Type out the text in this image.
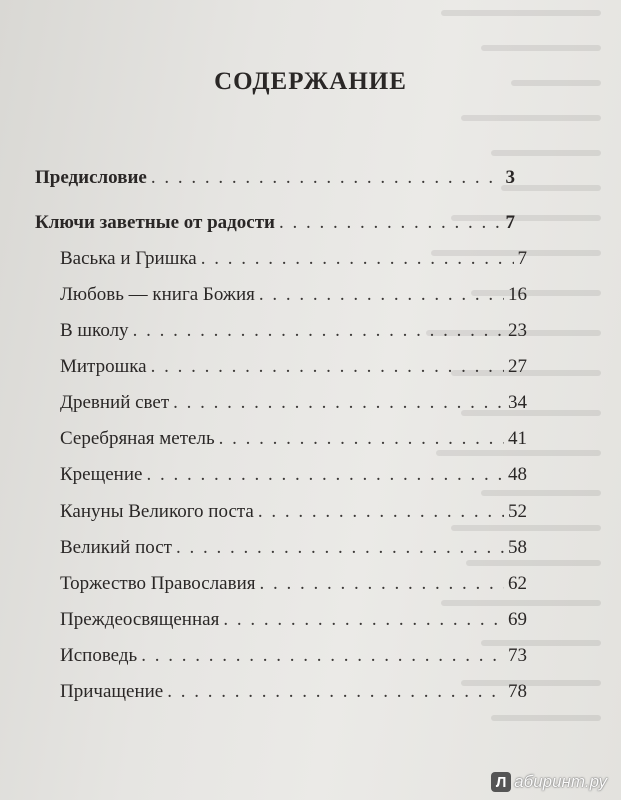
СОДЕРЖАНИЕ
Предисловие . . .	3
Ключи заветные от радости . . .	7
Васька и Гришка . . .	7
Любовь — книга Божия . . .	16
В школу . . .	23
Митрошка . . .	27
Древний свет . . .	34
Серебряная метель . . .	41
Крещение . . .	48
Кануны Великого поста . . .	52
Великий пост . . .	58
Торжество Православия . . .	62
Преждеосвященная . . .	69
Исповедь . . .	73
Причащение . . .	78
Л абиринт.ру
